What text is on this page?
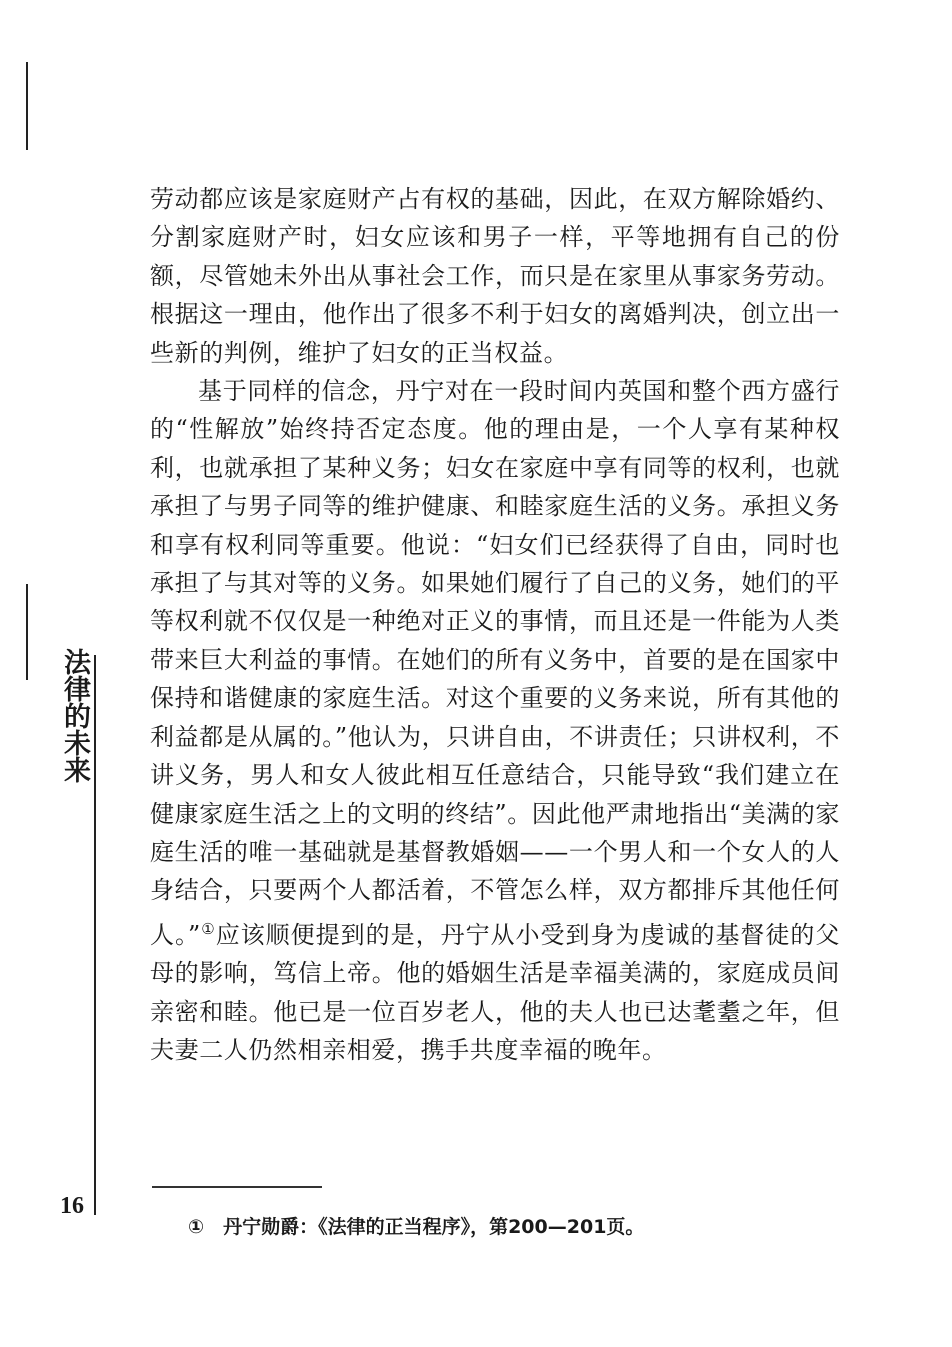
法律的未来
16

劳动都应该是家庭财产占有权的基础，因此，在双方解除婚约、分割家庭财产时，妇女应该和男子一样，平等地拥有自己的份额，尽管她未外出从事社会工作，而只是在家里从事家务劳动。根据这一理由，他作出了很多不利于妇女的离婚判决，创立出一些新的判例，维护了妇女的正当权益。

基于同样的信念，丹宁对在一段时间内英国和整个西方盛行的“性解放”始终持否定态度。他的理由是，一个人享有某种权利，也就承担了某种义务；妇女在家庭中享有同等的权利，也就承担了与男子同等的维护健康、和睦家庭生活的义务。承担义务和享有权利同等重要。他说：“妇女们已经获得了自由，同时也承担了与其对等的义务。如果她们履行了自己的义务，她们的平等权利就不仅仅是一种绝对正义的事情，而且还是一件能为人类带来巨大利益的事情。在她们的所有义务中，首要的是在国家中保持和谐健康的家庭生活。对这个重要的义务来说，所有其他的利益都是从属的。”他认为，只讲自由，不讲责任；只讲权利，不讲义务，男人和女人彼此相互任意结合，只能导致“我们建立在健康家庭生活之上的文明的终结”。因此他严肃地指出“美满的家庭生活的唯一基础就是基督教婚姻——一个男人和一个女人的人身结合，只要两个人都活着，不管怎么样，双方都排斥其他任何人。”①应该顺便提到的是，丹宁从小受到身为虔诚的基督徒的父母的影响，笃信上帝。他的婚姻生活是幸福美满的，家庭成员间亲密和睦。他已是一位百岁老人，他的夫人也已达耄耋之年，但夫妻二人仍然相亲相爱，携手共度幸福的晚年。

①　丹宁勋爵：《法律的正当程序》，第200—201页。
